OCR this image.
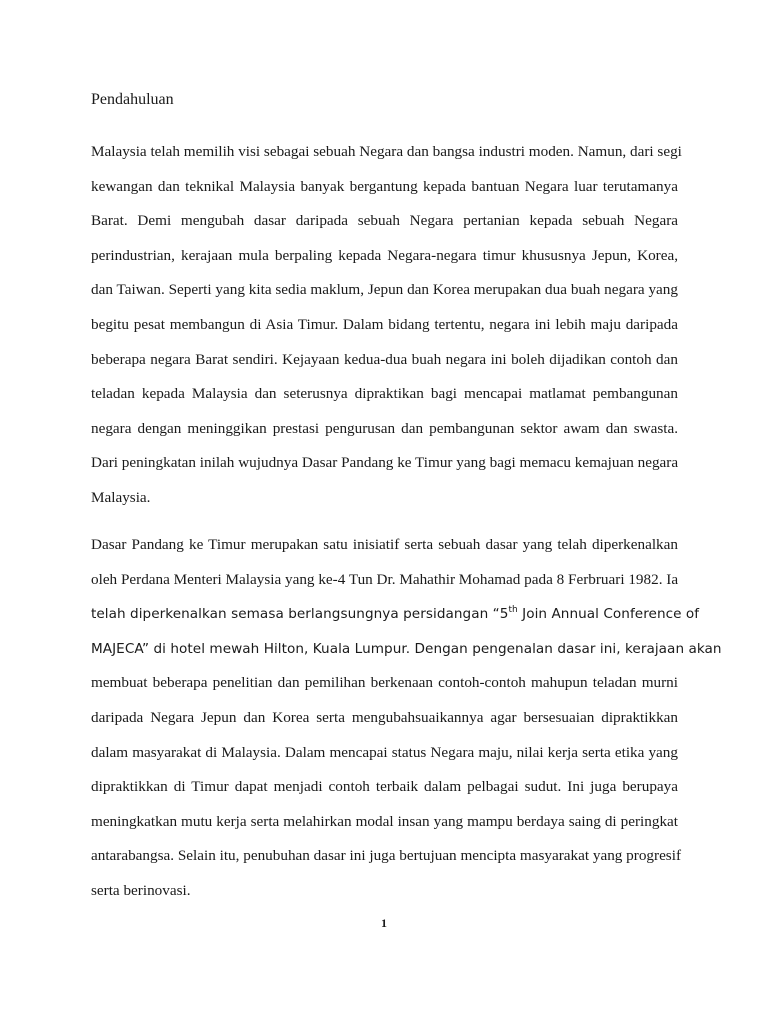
Pendahuluan

Malaysia telah memilih visi sebagai sebuah Negara dan bangsa industri moden. Namun, dari segi
kewangan dan teknikal Malaysia banyak bergantung kepada bantuan Negara luar terutamanya
Barat. Demi mengubah dasar daripada sebuah Negara pertanian kepada sebuah Negara
perindustrian, kerajaan mula berpaling kepada Negara-negara timur khususnya Jepun, Korea,
dan Taiwan. Seperti yang kita sedia maklum, Jepun dan Korea merupakan dua buah negara yang
begitu pesat membangun di Asia Timur. Dalam bidang tertentu, negara ini lebih maju daripada
beberapa negara Barat sendiri. Kejayaan kedua-dua buah negara ini boleh dijadikan contoh dan
teladan kepada Malaysia dan seterusnya dipraktikan bagi mencapai matlamat pembangunan
negara dengan meninggikan prestasi pengurusan dan pembangunan sektor awam dan swasta.
Dari peningkatan inilah wujudnya Dasar Pandang ke Timur yang bagi memacu kemajuan negara
Malaysia.

Dasar Pandang ke Timur merupakan satu inisiatif serta sebuah dasar yang telah diperkenalkan
oleh Perdana Menteri Malaysia yang ke-4 Tun Dr. Mahathir Mohamad pada 8 Ferbruari 1982. Ia
telah diperkenalkan semasa berlangsungnya persidangan “5th Join Annual Conference of
MAJECA” di hotel mewah Hilton, Kuala Lumpur. Dengan pengenalan dasar ini, kerajaan akan
membuat beberapa penelitian dan pemilihan berkenaan contoh-contoh mahupun teladan murni
daripada Negara Jepun dan Korea serta mengubahsuaikannya agar bersesuaian dipraktikkan
dalam masyarakat di Malaysia. Dalam mencapai status Negara maju, nilai kerja serta etika yang
dipraktikkan di Timur dapat menjadi contoh terbaik dalam pelbagai sudut. Ini juga berupaya
meningkatkan mutu kerja serta melahirkan modal insan yang mampu berdaya saing di peringkat
antarabangsa. Selain itu, penubuhan dasar ini juga bertujuan mencipta masyarakat yang progresif
serta berinovasi.

1
